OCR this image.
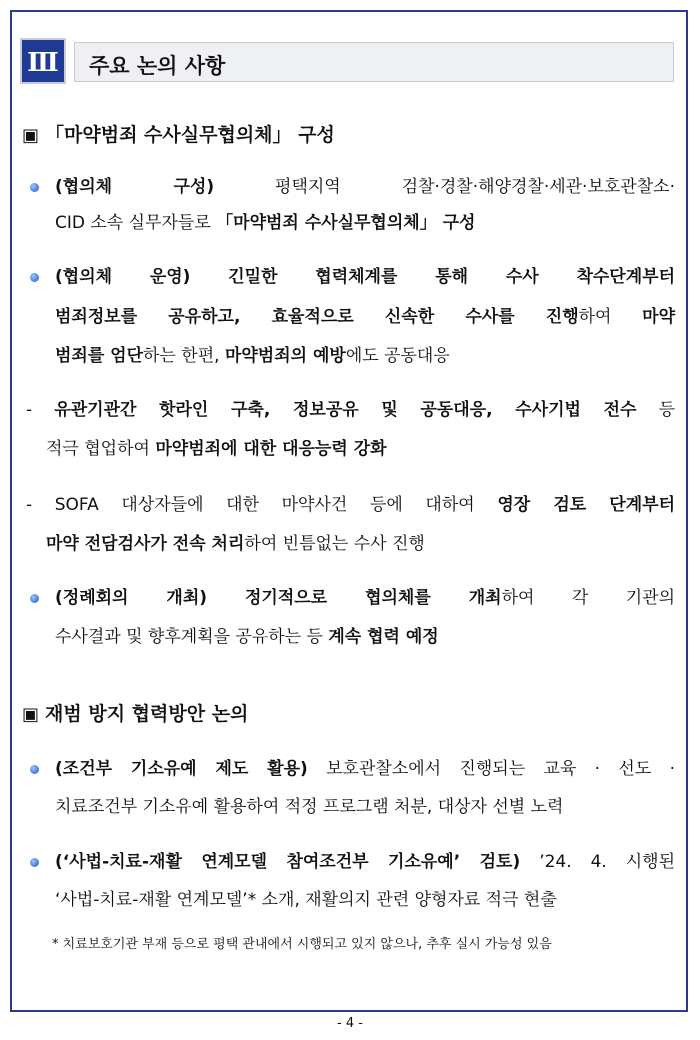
Ⅲ	주요 논의 사항
▣ 「마약범죄 수사실무협의체」 구성
(협의체 구성) 평택지역 검찰·경찰·해양경찰·세관·보호관찰소·
CID 소속 실무자들로 「마약범죄 수사실무협의체」 구성
(협의체 운영) 긴밀한 협력체계를 통해 수사 착수단계부터
범죄정보를 공유하고, 효율적으로 신속한 수사를 진행하여 마약
범죄를 엄단하는 한편, 마약범죄의 예방에도 공동대응
- 유관기관간 핫라인 구축, 정보공유 및 공동대응, 수사기법 전수 등
적극 협업하여 마약범죄에 대한 대응능력 강화
- SOFA 대상자들에 대한 마약사건 등에 대하여 영장 검토 단계부터
마약 전담검사가 전속 처리하여 빈틈없는 수사 진행
(정례회의 개최) 정기적으로 협의체를 개최하여 각 기관의
수사결과 및 향후계획을 공유하는 등 계속 협력 예정
▣ 재범 방지 협력방안 논의
(조건부 기소유예 제도 활용) 보호관찰소에서 진행되는 교육 · 선도 ·
치료조건부 기소유예 활용하여 적정 프로그램 처분, 대상자 선별 노력
(‘사법-치료-재활 연계모델 참여조건부 기소유예’ 검토) ’24. 4. 시행된
‘사법-치료-재활 연계모델’* 소개, 재활의지 관련 양형자료 적극 현출
* 치료보호기관 부재 등으로 평택 관내에서 시행되고 있지 않으나, 추후 실시 가능성 있음
- 4 -
